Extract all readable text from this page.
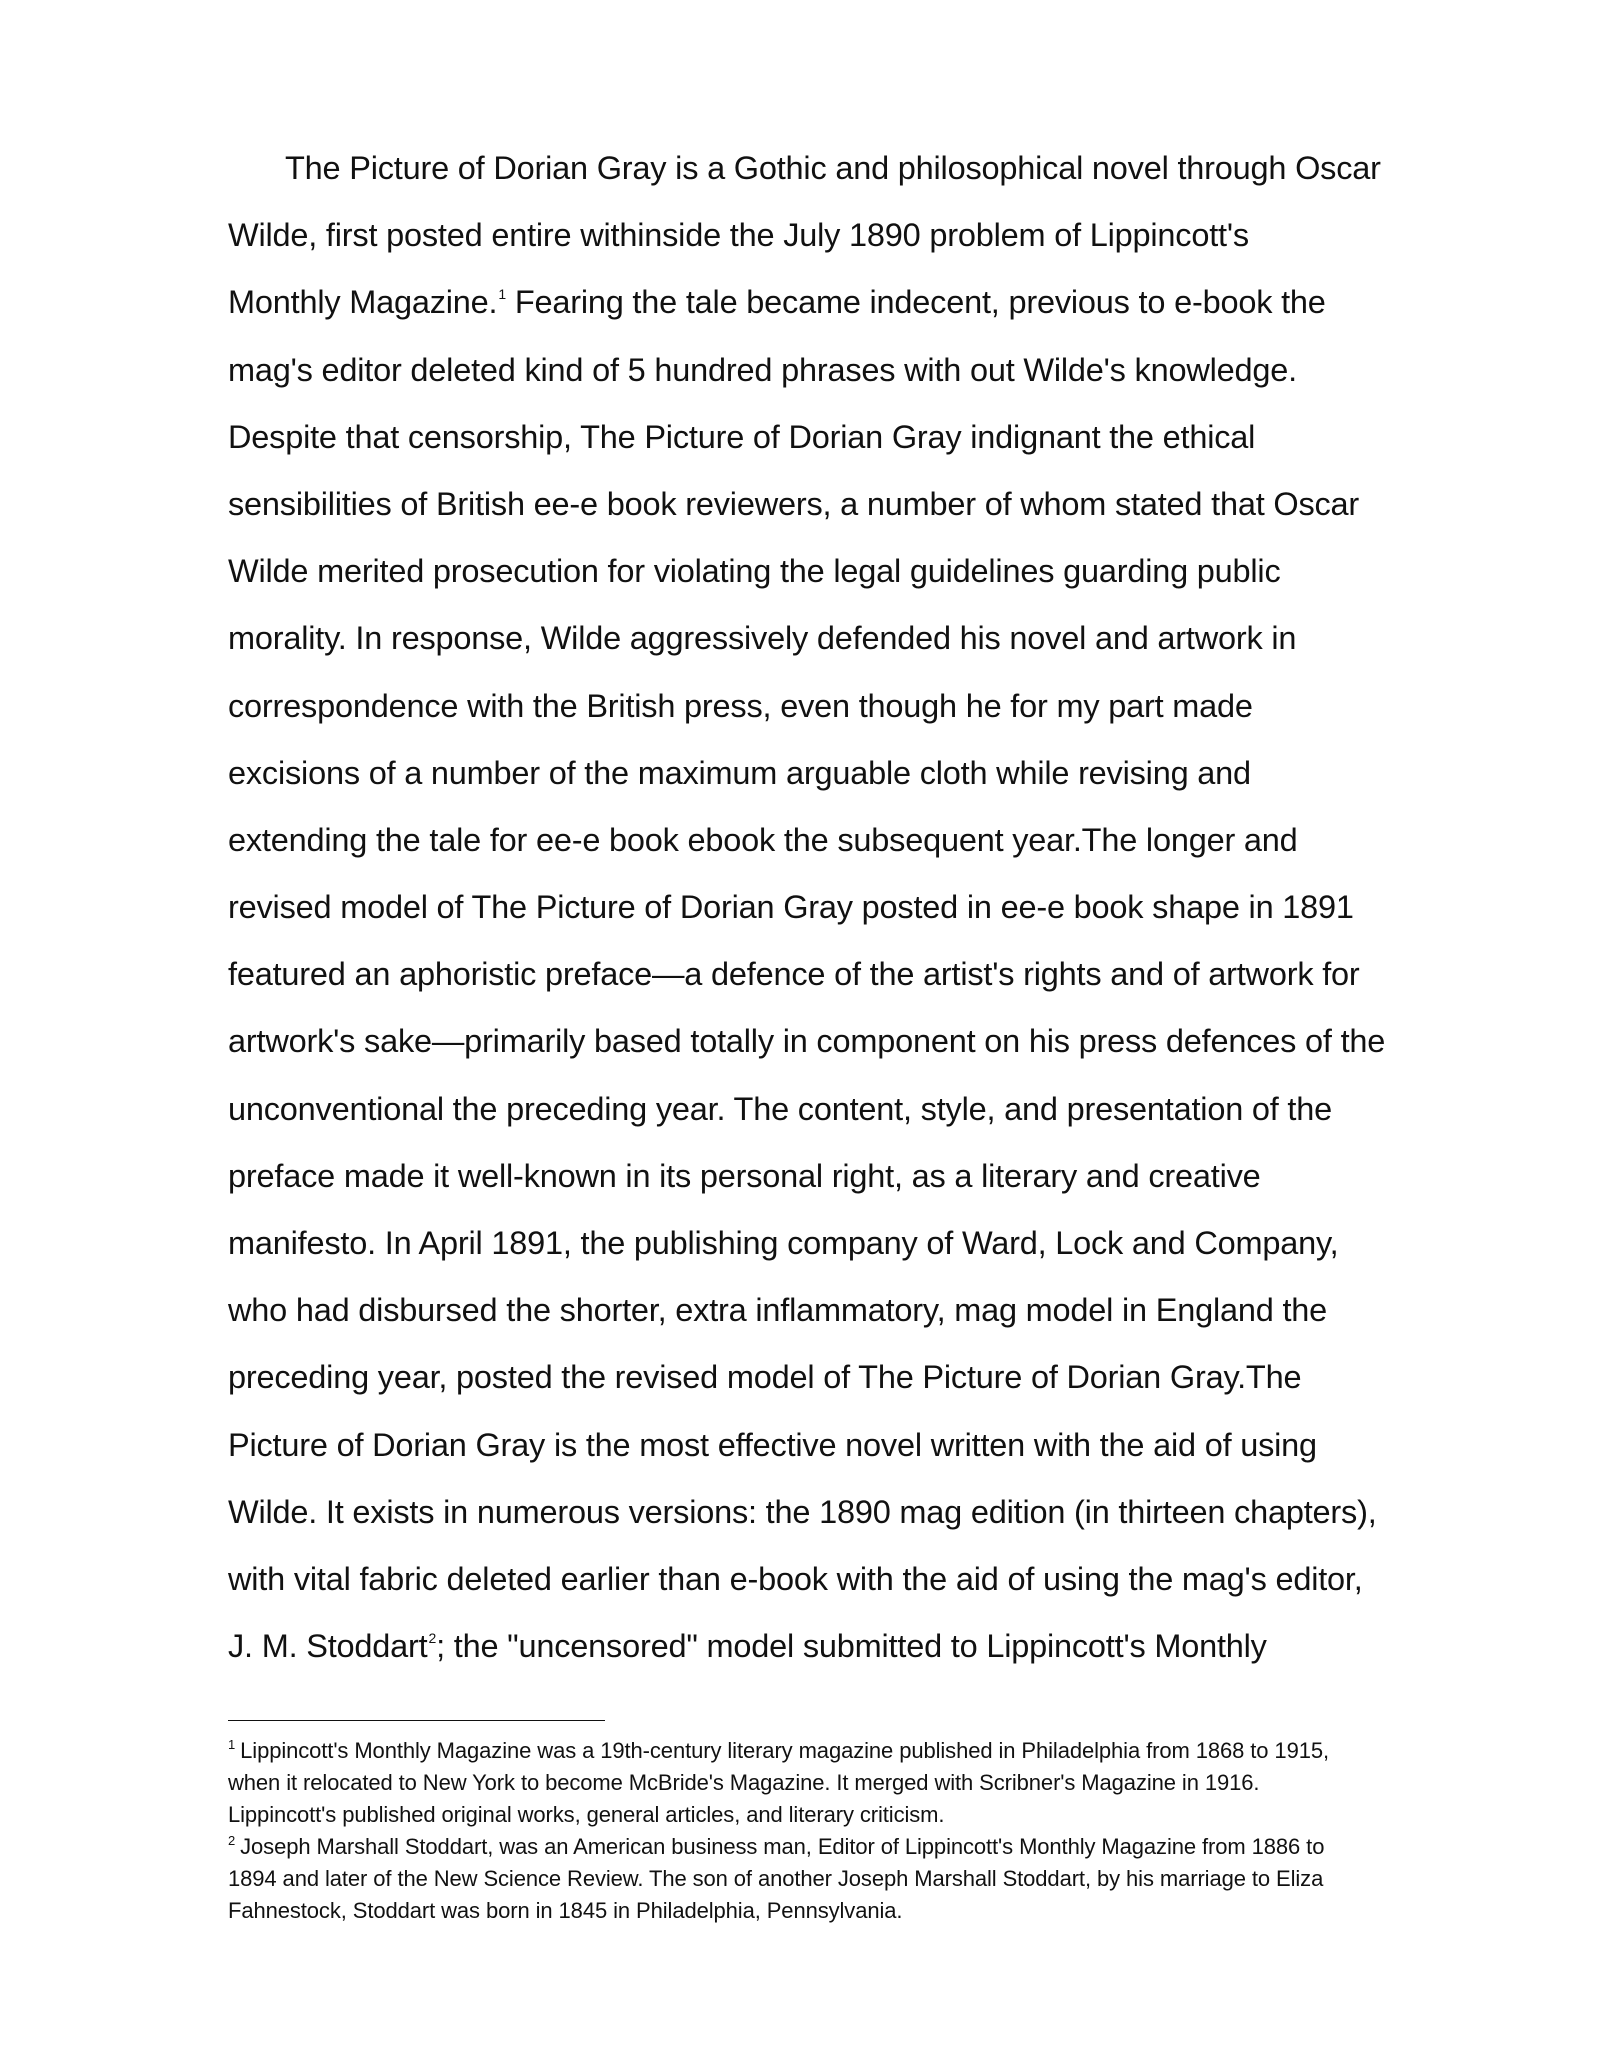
The Picture of Dorian Gray is a Gothic and philosophical novel through Oscar
Wilde, first posted entire withinside the July 1890 problem of Lippincott's
Monthly Magazine.$^1$ Fearing the tale became indecent, previous to e-book the
mag's editor deleted kind of 5 hundred phrases with out Wilde's knowledge.
Despite that censorship, The Picture of Dorian Gray indignant the ethical
sensibilities of British ee-e book reviewers, a number of whom stated that Oscar
Wilde merited prosecution for violating the legal guidelines guarding public
morality. In response, Wilde aggressively defended his novel and artwork in
correspondence with the British press, even though he for my part made
excisions of a number of the maximum arguable cloth while revising and
extending the tale for ee-e book ebook the subsequent year.The longer and
revised model of The Picture of Dorian Gray posted in ee-e book shape in 1891
featured an aphoristic preface—a defence of the artist's rights and of artwork for
artwork's sake—primarily based totally in component on his press defences of the
unconventional the preceding year. The content, style, and presentation of the
preface made it well-known in its personal right, as a literary and creative
manifesto. In April 1891, the publishing company of Ward, Lock and Company,
who had disbursed the shorter, extra inflammatory, mag model in England the
preceding year, posted the revised model of The Picture of Dorian Gray.The
Picture of Dorian Gray is the most effective novel written with the aid of using
Wilde. It exists in numerous versions: the 1890 mag edition (in thirteen chapters),
with vital fabric deleted earlier than e-book with the aid of using the mag's editor,
J. M. Stoddart$^2$; the "uncensored" model submitted to Lippincott's Monthly
$^1$ Lippincott's Monthly Magazine was a 19th-century literary magazine published in Philadelphia from 1868 to 1915,
when it relocated to New York to become McBride's Magazine. It merged with Scribner's Magazine in 1916.
Lippincott's published original works, general articles, and literary criticism.
$^2$ Joseph Marshall Stoddart, was an American business man, Editor of Lippincott's Monthly Magazine from 1886 to
1894 and later of the New Science Review. The son of another Joseph Marshall Stoddart, by his marriage to Eliza
Fahnestock, Stoddart was born in 1845 in Philadelphia, Pennsylvania.
